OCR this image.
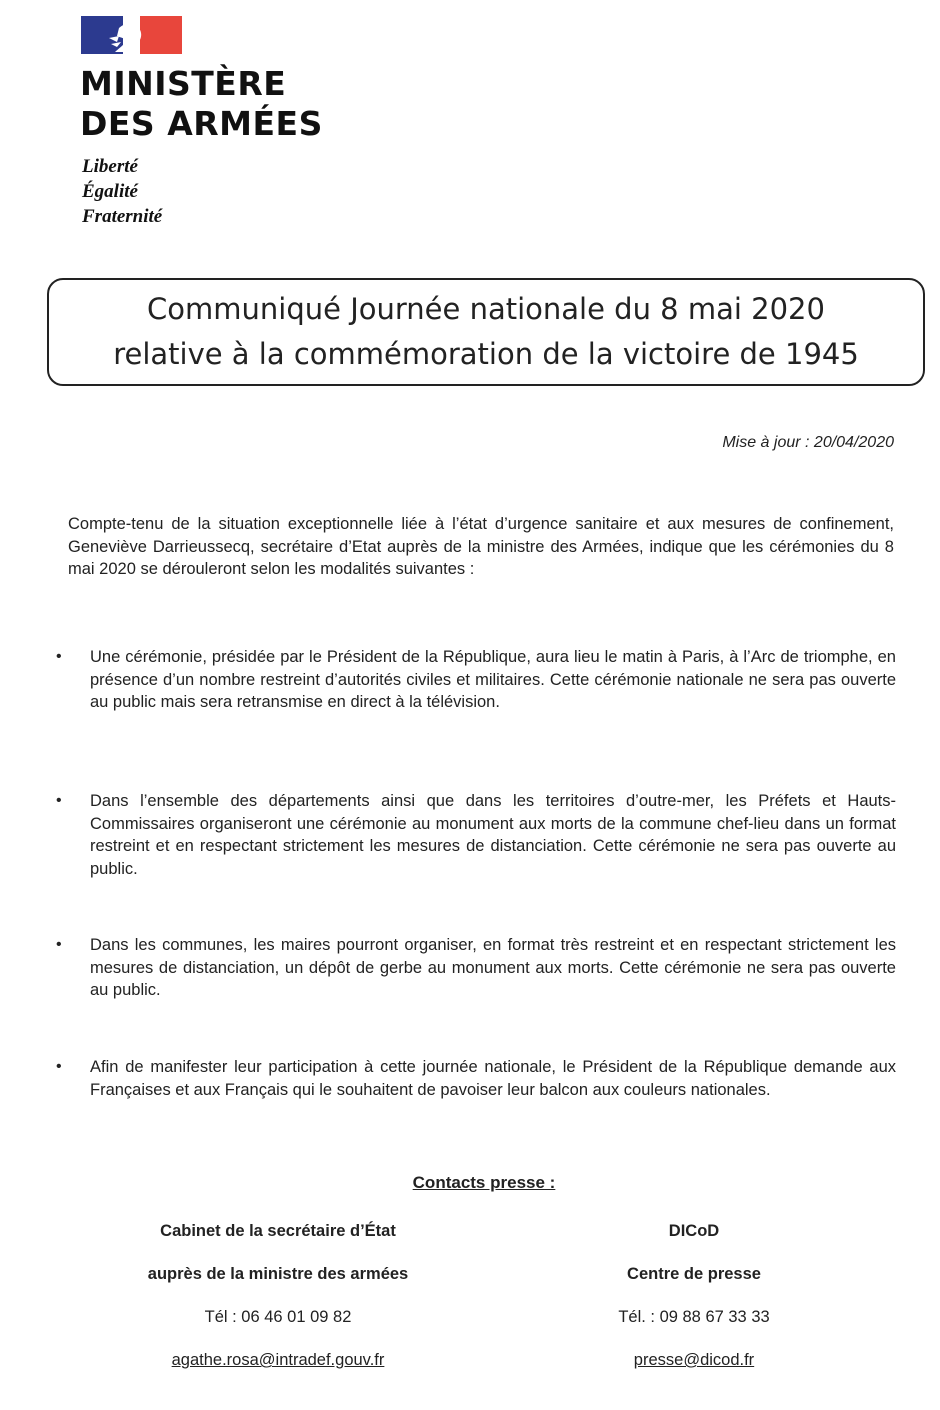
MINISTÈRE
DES ARMÉES
Liberté
Égalité
Fraternité
Communiqué Journée nationale du 8 mai 2020
relative à la commémoration de la victoire de 1945
Mise à jour : 20/04/2020
Compte-tenu de la situation exceptionnelle liée à l’état d’urgence sanitaire et aux mesures de confinement, Geneviève Darrieussecq, secrétaire d’Etat auprès de la ministre des Armées, indique que les cérémonies du 8 mai 2020 se dérouleront selon les modalités suivantes :
•	Une cérémonie, présidée par le Président de la République, aura lieu le matin à Paris, à l’Arc de triomphe, en présence d’un nombre restreint d’autorités civiles et militaires. Cette cérémonie nationale ne sera pas ouverte au public mais sera retransmise en direct à la télévision.
•	Dans l’ensemble des départements ainsi que dans les territoires d’outre-mer, les Préfets et Hauts-Commissaires organiseront une cérémonie au monument aux morts de la commune chef-lieu dans un format restreint et en respectant strictement les mesures de distanciation. Cette cérémonie ne sera pas ouverte au public.
•	Dans les communes, les maires pourront organiser, en format très restreint et en respectant strictement les mesures de distanciation, un dépôt de gerbe au monument aux morts. Cette cérémonie ne sera pas ouverte au public.
•	Afin de manifester leur participation à cette journée nationale, le Président de la République demande aux Françaises et aux Français qui le souhaitent de pavoiser leur balcon aux couleurs nationales.
Contacts presse :
Cabinet de la secrétaire d’État
auprès de la ministre des armées
Tél : 06 46 01 09 82
agathe.rosa@intradef.gouv.fr
DICoD
Centre de presse
Tél. : 09 88 67 33 33
presse@dicod.fr
